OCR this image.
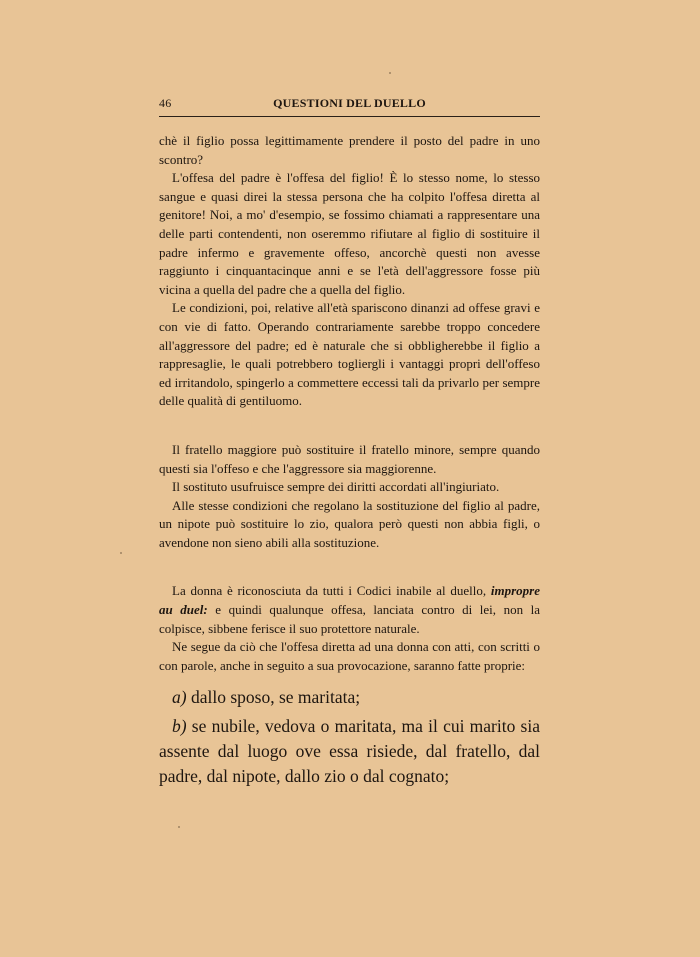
46	QUESTIONI DEL DUELLO

chè il figlio possa legittimamente prendere il posto del padre in uno scontro?

L'offesa del padre è l'offesa del figlio! È lo stesso nome, lo stesso sangue e quasi direi la stessa persona che ha colpito l'offesa diretta al genitore! Noi, a mo' d'esempio, se fossimo chiamati a rappresentare una delle parti contendenti, non oseremmo rifiutare al figlio di sostituire il padre infermo e gravemente offeso, ancorchè questi non avesse raggiunto i cinquantacinque anni e se l'età dell'aggressore fosse più vicina a quella del padre che a quella del figlio.

Le condizioni, poi, relative all'età spariscono dinanzi ad offese gravi e con vie di fatto. Operando contrariamente sarebbe troppo concedere all'aggressore del padre; ed è naturale che si obbligherebbe il figlio a rappresaglie, le quali potrebbero togliergli i vantaggi propri dell'offeso ed irritandolo, spingerlo a commettere eccessi tali da privarlo per sempre delle qualità di gentiluomo.

Il fratello maggiore può sostituire il fratello minore, sempre quando questi sia l'offeso e che l'aggressore sia maggiorenne.

Il sostituto usufruisce sempre dei diritti accordati all'ingiuriato.

Alle stesse condizioni che regolano la sostituzione del figlio al padre, un nipote può sostituire lo zio, qualora però questi non abbia figli, o avendone non sieno abili alla sostituzione.

La donna è riconosciuta da tutti i Codici inabile al duello, impropre au duel: e quindi qualunque offesa, lanciata contro di lei, non la colpisce, sibbene ferisce il suo protettore naturale.

Ne segue da ciò che l'offesa diretta ad una donna con atti, con scritti o con parole, anche in seguito a sua provocazione, saranno fatte proprie:

a) dallo sposo, se maritata;

b) se nubile, vedova o maritata, ma il cui marito sia assente dal luogo ove essa risiede, dal fratello, dal padre, dal nipote, dallo zio o dal cognato;
